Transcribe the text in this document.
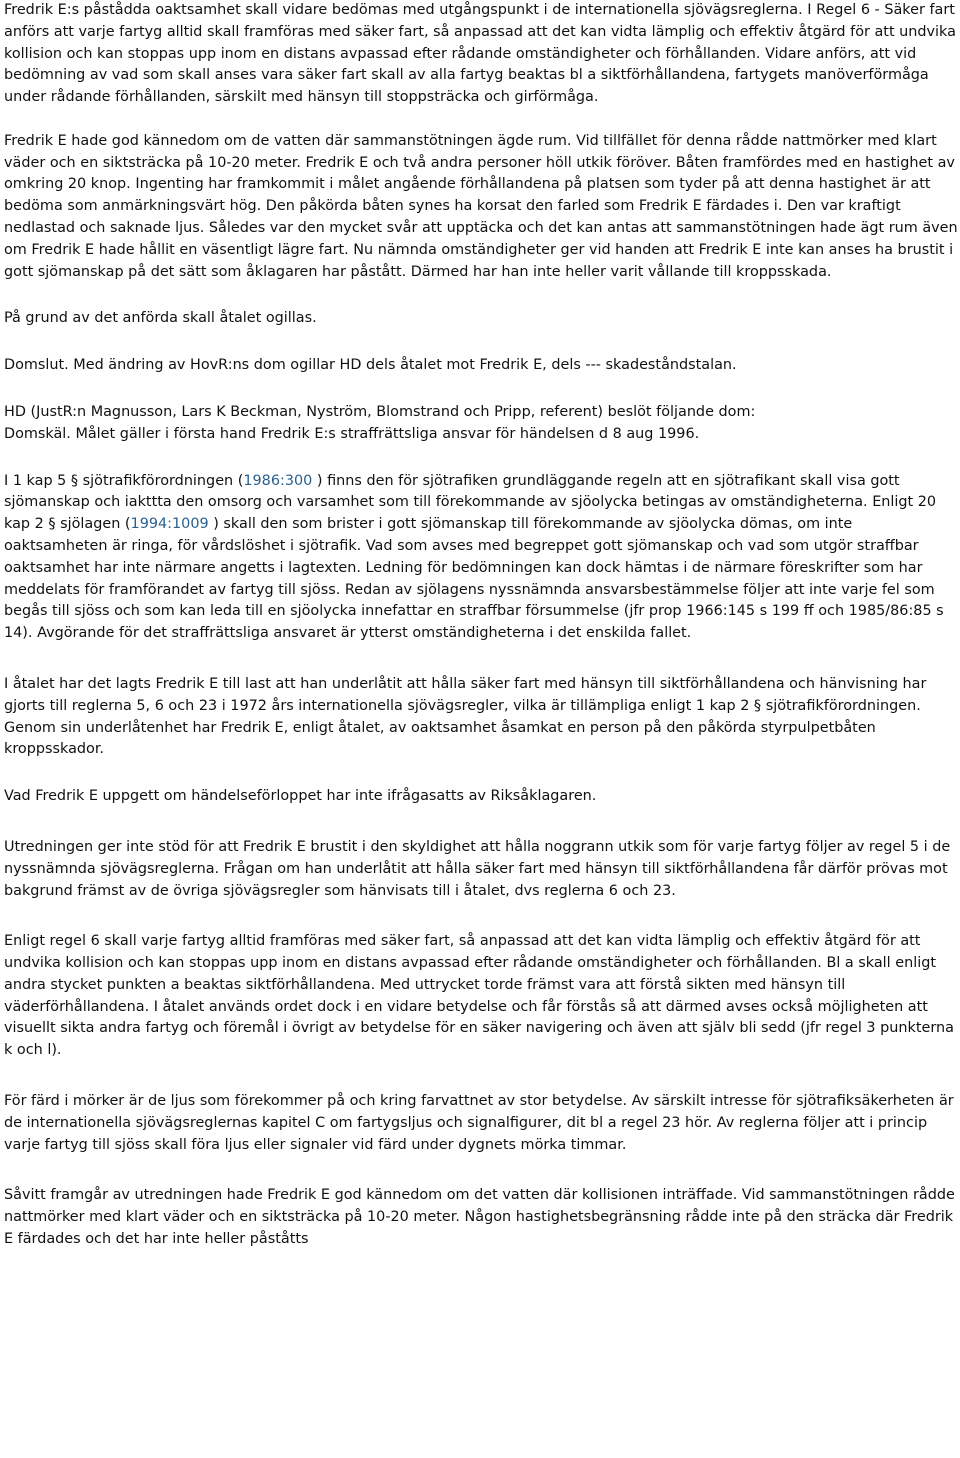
Fredrik E:s påstådda oaktsamhet skall vidare bedömas med utgångspunkt i de internationella sjövägsreglerna. I Regel 6 - Säker fart anförs att varje fartyg alltid skall framföras med säker fart, så anpassad att det kan vidta lämplig och effektiv åtgärd för att undvika kollision och kan stoppas upp inom en distans avpassad efter rådande omständigheter och förhållanden. Vidare anförs, att vid bedömning av vad som skall anses vara säker fart skall av alla fartyg beaktas bl a siktförhållandena, fartygets manöverförmåga under rådande förhållanden, särskilt med hänsyn till stoppsträcka och girförmåga.

Fredrik E hade god kännedom om de vatten där sammanstötningen ägde rum. Vid tillfället för denna rådde nattmörker med klart väder och en siktsträcka på 10-20 meter. Fredrik E och två andra personer höll utkik föröver. Båten framfördes med en hastighet av omkring 20 knop. Ingenting har framkommit i målet angående förhållandena på platsen som tyder på att denna hastighet är att bedöma som anmärkningsvärt hög. Den påkörda båten synes ha korsat den farled som Fredrik E färdades i. Den var kraftigt nedlastad och saknade ljus. Således var den mycket svår att upptäcka och det kan antas att sammanstötningen hade ägt rum även om Fredrik E hade hållit en väsentligt lägre fart. Nu nämnda omständigheter ger vid handen att Fredrik E inte kan anses ha brustit i gott sjömanskap på det sätt som åklagaren har påstått. Därmed har han inte heller varit vållande till kroppsskada.

På grund av det anförda skall åtalet ogillas.

Domslut. Med ändring av HovR:ns dom ogillar HD dels åtalet mot Fredrik E, dels --- skadeståndstalan.

HD (JustR:n Magnusson, Lars K Beckman, Nyström, Blomstrand och Pripp, referent) beslöt följande dom:
Domskäl. Målet gäller i första hand Fredrik E:s straffrättsliga ansvar för händelsen d 8 aug 1996.

I 1 kap 5 § sjötrafikförordningen (1986:300 ) finns den för sjötrafiken grundläggande regeln att en sjötrafikant skall visa gott sjömanskap och iakttta den omsorg och varsamhet som till förekommande av sjöolycka betingas av omständigheterna. Enligt 20 kap 2 § sjölagen (1994:1009 ) skall den som brister i gott sjömanskap till förekommande av sjöolycka dömas, om inte oaktsamheten är ringa, för vårdslöshet i sjötrafik. Vad som avses med begreppet gott sjömanskap och vad som utgör straffbar oaktsamhet har inte närmare angetts i lagtexten. Ledning för bedömningen kan dock hämtas i de närmare föreskrifter som har meddelats för framförandet av fartyg till sjöss. Redan av sjölagens nyssnämnda ansvarsbestämmelse följer att inte varje fel som begås till sjöss och som kan leda till en sjöolycka innefattar en straffbar försummelse (jfr prop 1966:145 s 199 ff och 1985/86:85 s 14). Avgörande för det straffrättsliga ansvaret är ytterst omständigheterna i det enskilda fallet.

I åtalet har det lagts Fredrik E till last att han underlåtit att hålla säker fart med hänsyn till siktförhållandena och hänvisning har gjorts till reglerna 5, 6 och 23 i 1972 års internationella sjövägsregler, vilka är tillämpliga enligt 1 kap 2 § sjötrafikförordningen. Genom sin underlåtenhet har Fredrik E, enligt åtalet, av oaktsamhet åsamkat en person på den påkörda styrpulpetbåten kroppsskador.

Vad Fredrik E uppgett om händelseförloppet har inte ifrågasatts av Riksåklagaren.

Utredningen ger inte stöd för att Fredrik E brustit i den skyldighet att hålla noggrann utkik som för varje fartyg följer av regel 5 i de nyssnämnda sjövägsreglerna. Frågan om han underlåtit att hålla säker fart med hänsyn till siktförhållandena får därför prövas mot bakgrund främst av de övriga sjövägsregler som hänvisats till i åtalet, dvs reglerna 6 och 23.

Enligt regel 6 skall varje fartyg alltid framföras med säker fart, så anpassad att det kan vidta lämplig och effektiv åtgärd för att undvika kollision och kan stoppas upp inom en distans avpassad efter rådande omständigheter och förhållanden. Bl a skall enligt andra stycket punkten a beaktas siktförhållandena. Med uttrycket torde främst vara att förstå sikten med hänsyn till väderförhållandena. I åtalet används ordet dock i en vidare betydelse och får förstås så att därmed avses också möjligheten att visuellt sikta andra fartyg och föremål i övrigt av betydelse för en säker navigering och även att själv bli sedd (jfr regel 3 punkterna k och l).

För färd i mörker är de ljus som förekommer på och kring farvattnet av stor betydelse. Av särskilt intresse för sjötrafiksäkerheten är de internationella sjövägsreglernas kapitel C om fartygsljus och signalfigurer, dit bl a regel 23 hör. Av reglerna följer att i princip varje fartyg till sjöss skall föra ljus eller signaler vid färd under dygnets mörka timmar.

Såvitt framgår av utredningen hade Fredrik E god kännedom om det vatten där kollisionen inträffade. Vid sammanstötningen rådde nattmörker med klart väder och en siktsträcka på 10-20 meter. Någon hastighetsbegränsning rådde inte på den sträcka där Fredrik E färdades och det har inte heller påståtts
